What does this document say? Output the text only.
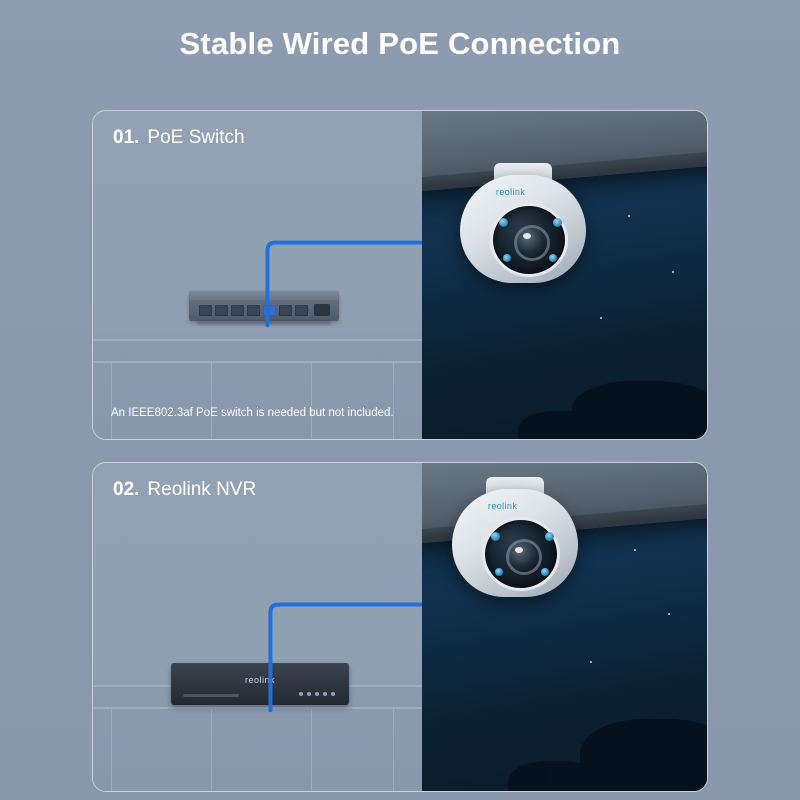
Stable Wired PoE Connection
01. PoE Switch
An IEEE802.3af PoE switch is needed but not included.
reolink
02. Reolink NVR
reolink
reolink
